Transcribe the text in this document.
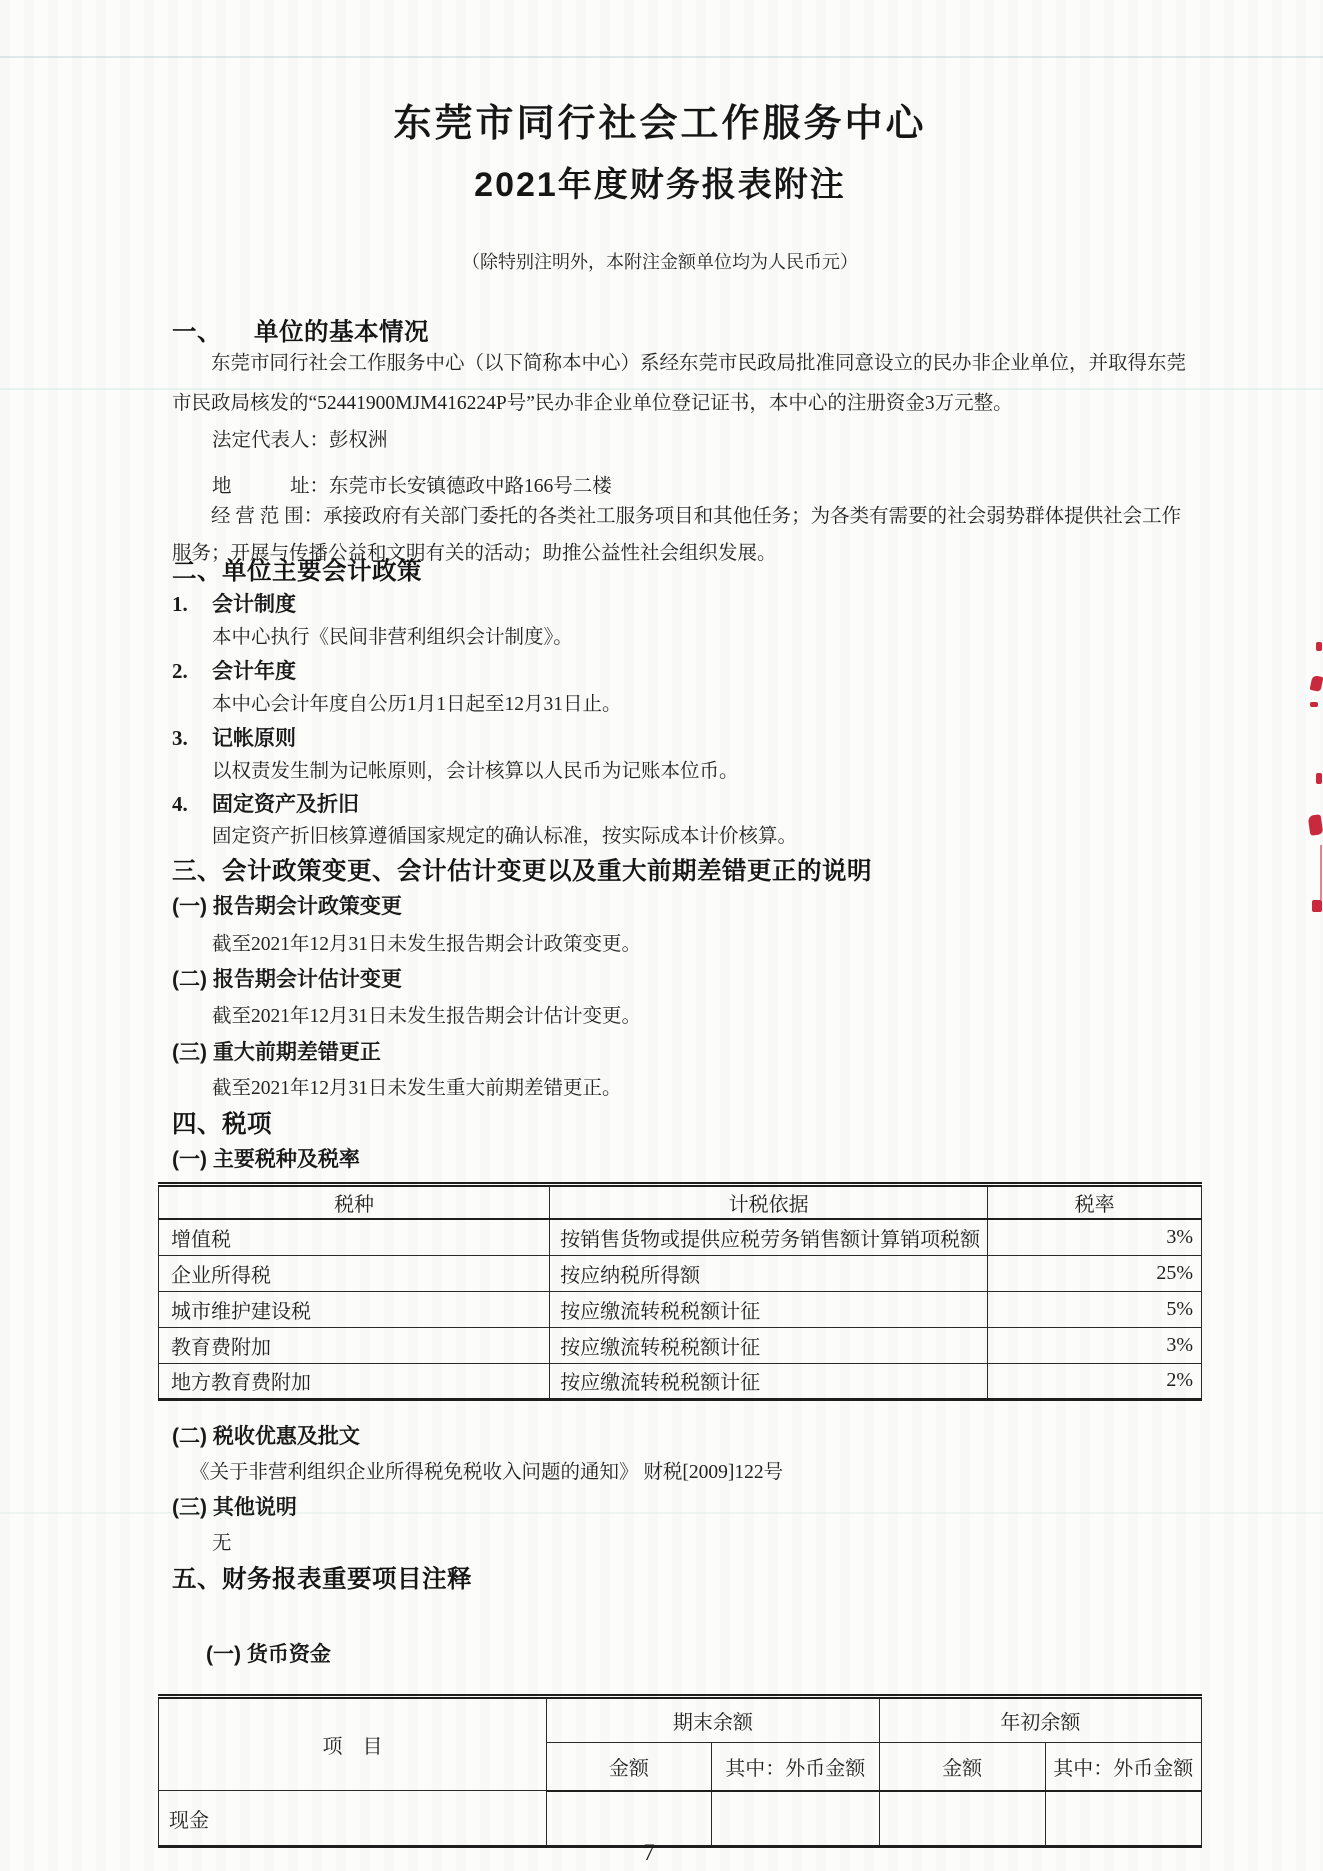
东莞市同行社会工作服务中心
2021年度财务报表附注
（除特别注明外，本附注金额单位均为人民币元）
一、 单位的基本情况
东莞市同行社会工作服务中心（以下简称本中心）系经东莞市民政局批准同意设立的民办非企业单位，并取得东莞市民政局核发的“52441900MJM416224P号”民办非企业单位登记证书，本中心的注册资金3万元整。
法定代表人：彭权洲
地　　　址：东莞市长安镇德政中路166号二楼
经 营 范 围：承接政府有关部门委托的各类社工服务项目和其他任务；为各类有需要的社会弱势群体提供社会工作服务；开展与传播公益和文明有关的活动；助推公益性社会组织发展。
二、单位主要会计政策
1. 会计制度
本中心执行《民间非营利组织会计制度》。
2. 会计年度
本中心会计年度自公历1月1日起至12月31日止。
3. 记帐原则
以权责发生制为记帐原则，会计核算以人民币为记账本位币。
4. 固定资产及折旧
固定资产折旧核算遵循国家规定的确认标准，按实际成本计价核算。
三、会计政策变更、会计估计变更以及重大前期差错更正的说明
(一) 报告期会计政策变更
截至2021年12月31日未发生报告期会计政策变更。
(二) 报告期会计估计变更
截至2021年12月31日未发生报告期会计估计变更。
(三) 重大前期差错更正
截至2021年12月31日未发生重大前期差错更正。
四、税项
(一) 主要税种及税率
税种	计税依据	税率
增值税	按销售货物或提供应税劳务销售额计算销项税额	3%
企业所得税	按应纳税所得额	25%
城市维护建设税	按应缴流转税税额计征	5%
教育费附加	按应缴流转税税额计征	3%
地方教育费附加	按应缴流转税税额计征	2%
(二) 税收优惠及批文
《关于非营利组织企业所得税免税收入问题的通知》 财税[2009]122号
(三) 其他说明
无
五、财务报表重要项目注释
(一) 货币资金
项　目	期末余额		年初余额	
	金额	其中：外币金额	金额	其中：外币金额
现金				
7
